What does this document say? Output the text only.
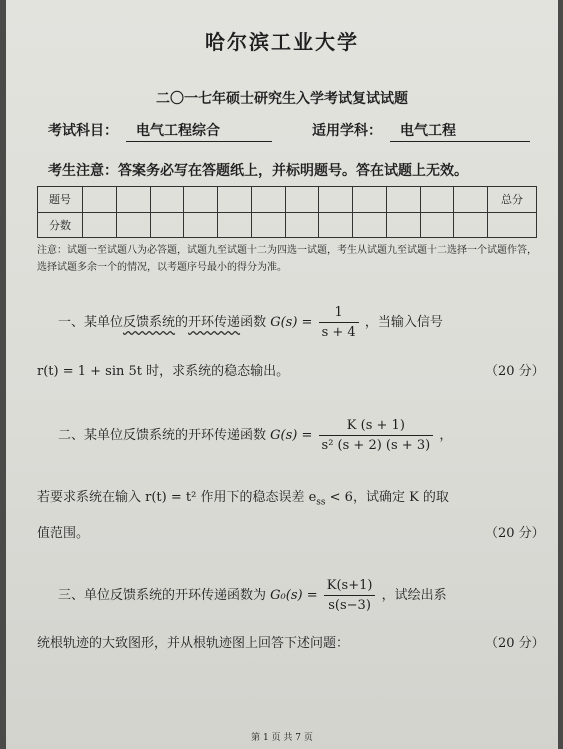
哈尔滨工业大学
二〇一七年硕士研究生入学考试复试试题
考试科目：	电气工程综合	适用学科：	电气工程
考生注意：答案务必写在答题纸上，并标明题号。答在试题上无效。
题号													总分
分数													
注意：试题一至试题八为必答题，试题九至试题十二为四选一试题，考生从试题九至试题十二选择一个试题作答，选择试题多余一个的情况，以考题序号最小的得分为准。
一、某单位反馈系统的开环传递函数 $G(s) = \frac{1}{s + 4}$ ，当输入信号
r(t) = 1 + sin 5t 时，求系统的稳态输出。	（20 分）
二、某单位反馈系统的开环传递函数 $G(s) = \frac{K (s + 1)}{\text{s² (s + 2) (s + 3)}}$ ，
若要求系统在输入 r(t) = t² 作用下的稳态误差 $e_{ss} < 6$，试确定 K 的取
值范围。	（20 分）
三、单位反馈系统的开环传递函数为 $G_0(s) = \frac{K(s+1)}{s(s-3)}$ ，试绘出系
统根轨迹的大致图形，并从根轨迹图上回答下述问题：	（20 分）
第 1 页 共 7 页
